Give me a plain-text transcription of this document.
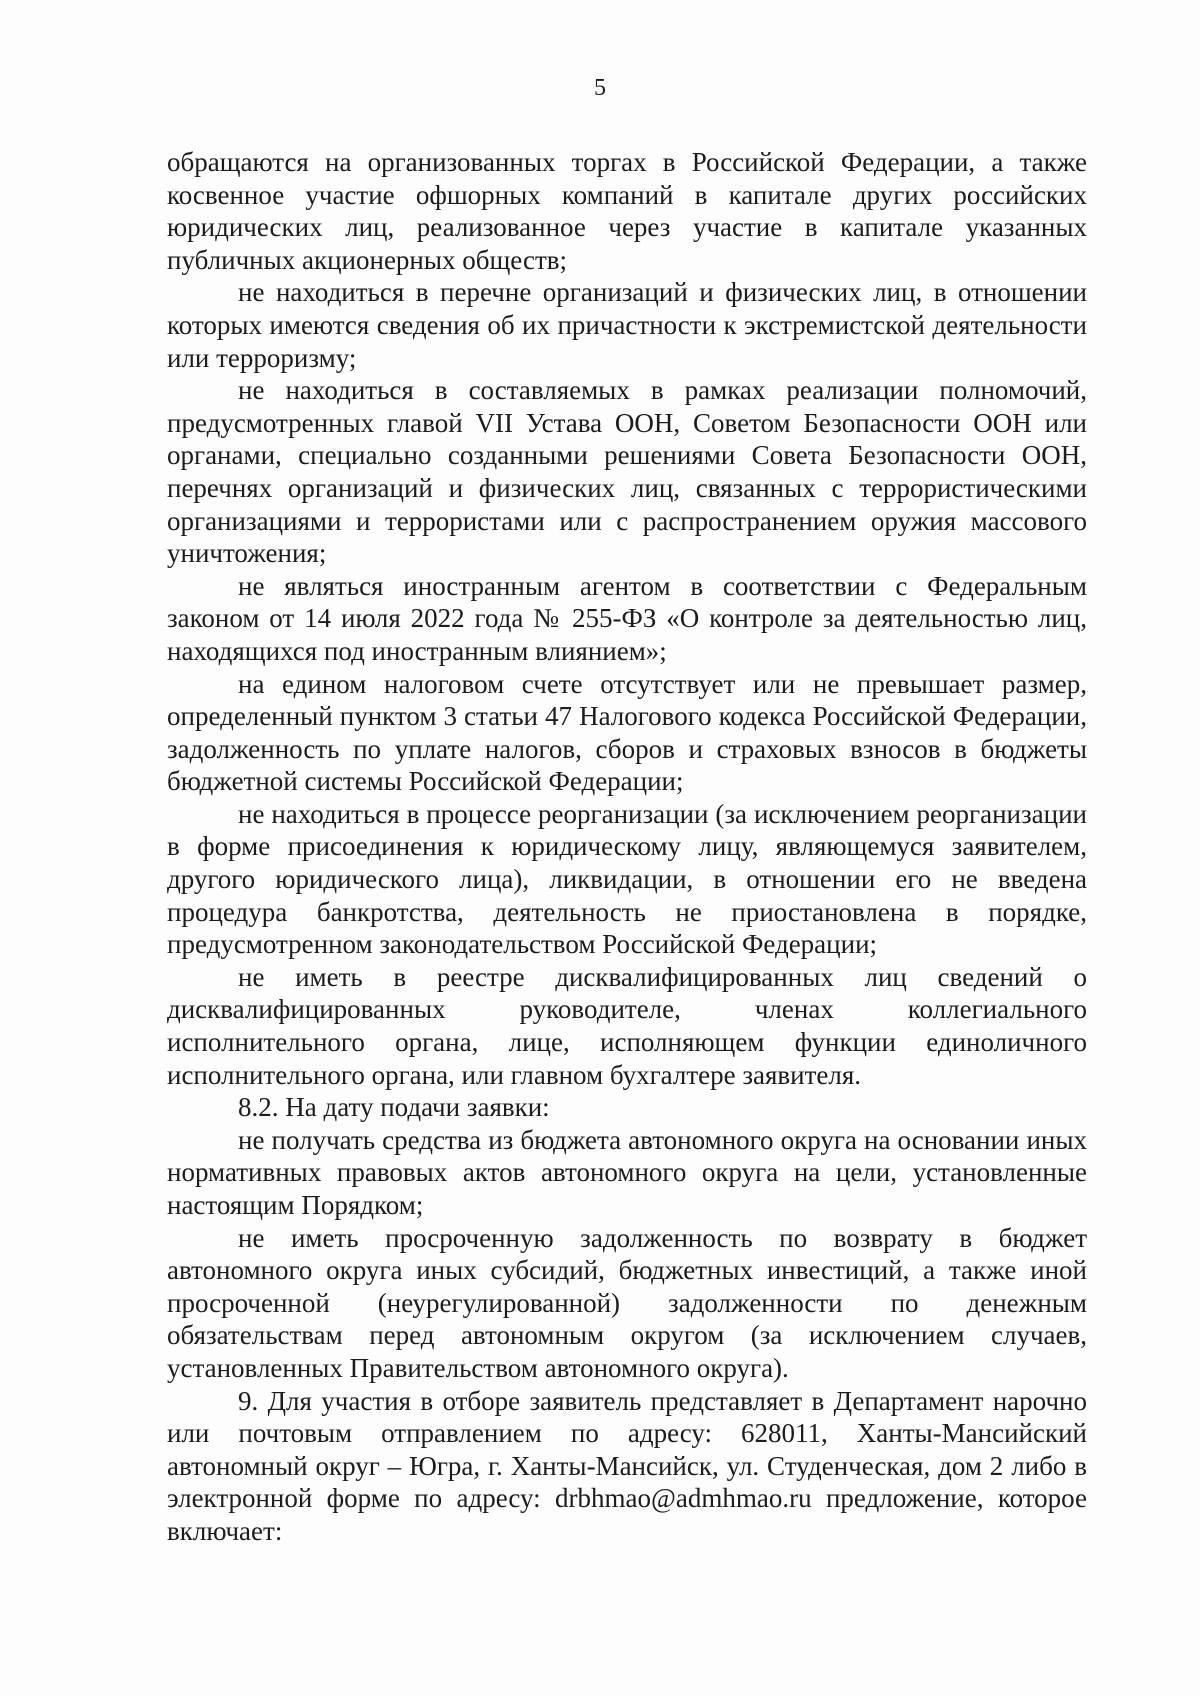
5

обращаются на организованных торгах в Российской Федерации, а также косвенное участие офшорных компаний в капитале других российских юридических лиц, реализованное через участие в капитале указанных публичных акционерных обществ;

не находиться в перечне организаций и физических лиц, в отношении которых имеются сведения об их причастности к экстремистской деятельности или терроризму;

не находиться в составляемых в рамках реализации полномочий, предусмотренных главой VII Устава ООН, Советом Безопасности ООН или органами, специально созданными решениями Совета Безопасности ООН, перечнях организаций и физических лиц, связанных с террористическими организациями и террористами или с распространением оружия массового уничтожения;

не являться иностранным агентом в соответствии с Федеральным законом от 14 июля 2022 года № 255-ФЗ «О контроле за деятельностью лиц, находящихся под иностранным влиянием»;

на едином налоговом счете отсутствует или не превышает размер, определенный пунктом 3 статьи 47 Налогового кодекса Российской Федерации, задолженность по уплате налогов, сборов и страховых взносов в бюджеты бюджетной системы Российской Федерации;

не находиться в процессе реорганизации (за исключением реорганизации в форме присоединения к юридическому лицу, являющемуся заявителем, другого юридического лица), ликвидации, в отношении его не введена процедура банкротства, деятельность не приостановлена в порядке, предусмотренном законодательством Российской Федерации;

не иметь в реестре дисквалифицированных лиц сведений о дисквалифицированных руководителе, членах коллегиального исполнительного органа, лице, исполняющем функции единоличного исполнительного органа, или главном бухгалтере заявителя.

8.2. На дату подачи заявки:

не получать средства из бюджета автономного округа на основании иных нормативных правовых актов автономного округа на цели, установленные настоящим Порядком;

не иметь просроченную задолженность по возврату в бюджет автономного округа иных субсидий, бюджетных инвестиций, а также иной просроченной (неурегулированной) задолженности по денежным обязательствам перед автономным округом (за исключением случаев, установленных Правительством автономного округа).

9. Для участия в отборе заявитель представляет в Департамент нарочно или почтовым отправлением по адресу: 628011, Ханты-Мансийский автономный округ – Югра, г. Ханты-Мансийск, ул. Студенческая, дом 2 либо в электронной форме по адресу: drbhmao@admhmao.ru предложение, которое включает:
